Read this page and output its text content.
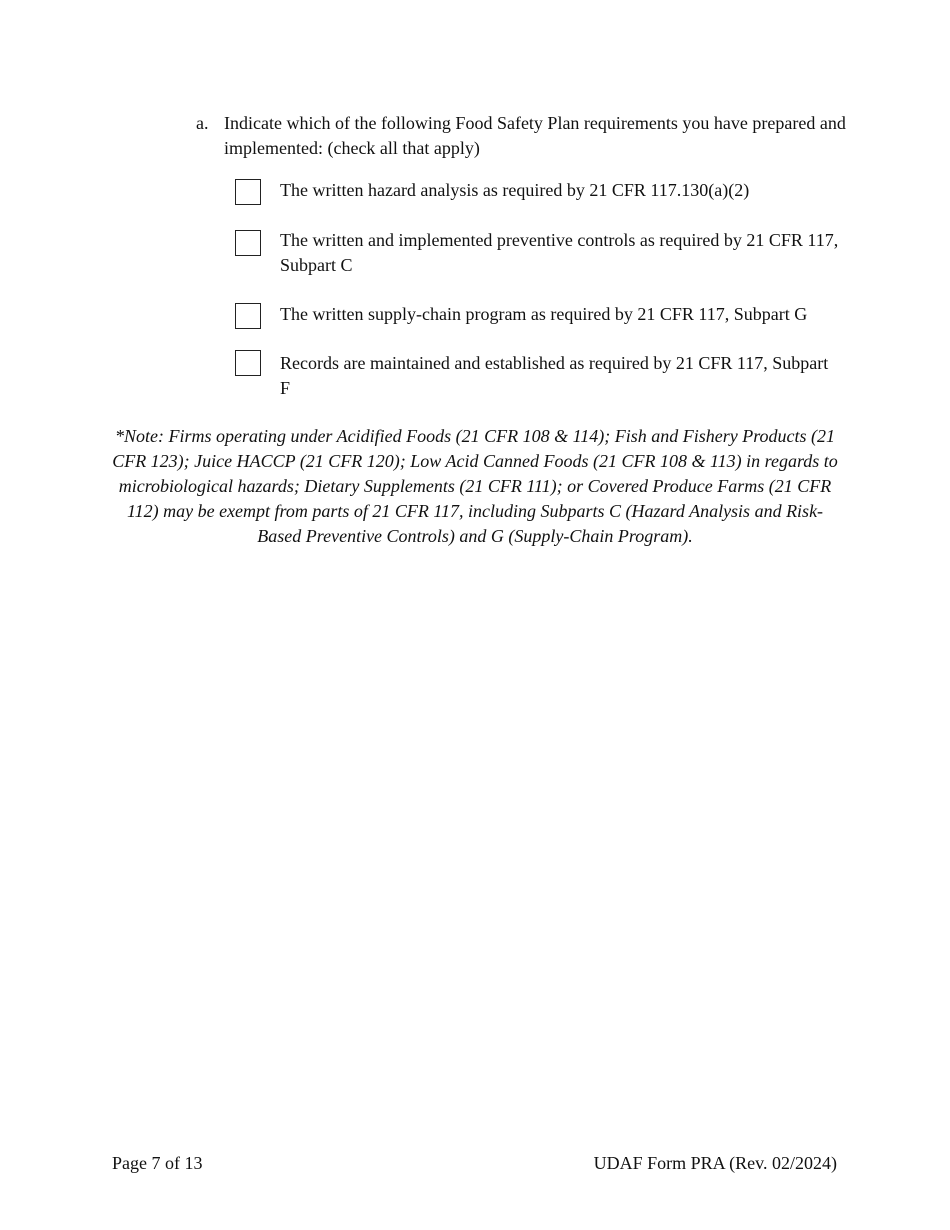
a. Indicate which of the following Food Safety Plan requirements you have prepared and implemented: (check all that apply)
The written hazard analysis as required by 21 CFR 117.130(a)(2)
The written and implemented preventive controls as required by 21 CFR 117, Subpart C
The written supply-chain program as required by 21 CFR 117, Subpart G
Records are maintained and established as required by 21 CFR 117, Subpart F
*Note: Firms operating under Acidified Foods (21 CFR 108 & 114); Fish and Fishery Products (21 CFR 123); Juice HACCP (21 CFR 120); Low Acid Canned Foods (21 CFR 108 & 113) in regards to microbiological hazards; Dietary Supplements (21 CFR 111); or Covered Produce Farms (21 CFR 112) may be exempt from parts of 21 CFR 117, including Subparts C (Hazard Analysis and Risk-Based Preventive Controls) and G (Supply-Chain Program).
Page 7 of 13	UDAF Form PRA (Rev. 02/2024)
